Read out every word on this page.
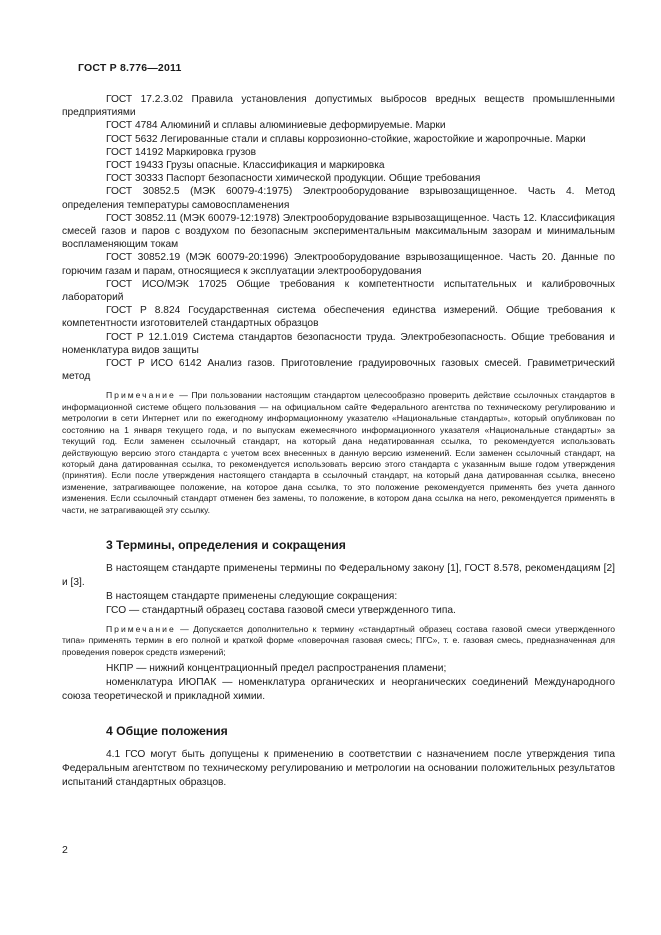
ГОСТ Р 8.776—2011

ГОСТ 17.2.3.02 Правила установления допустимых выбросов вредных веществ промышленными предприятиями

ГОСТ 4784 Алюминий и сплавы алюминиевые деформируемые. Марки

ГОСТ 5632 Легированные стали и сплавы коррозионно-стойкие, жаростойкие и жаропрочные. Марки

ГОСТ 14192 Маркировка грузов

ГОСТ 19433 Грузы опасные. Классификация и маркировка

ГОСТ 30333 Паспорт безопасности химической продукции. Общие требования

ГОСТ 30852.5 (МЭК 60079-4:1975) Электрооборудование взрывозащищенное. Часть 4. Метод определения температуры самовоспламенения

ГОСТ 30852.11 (МЭК 60079-12:1978) Электрооборудование взрывозащищенное. Часть 12. Классификация смесей газов и паров с воздухом по безопасным экспериментальным максимальным зазорам и минимальным воспламеняющим токам

ГОСТ 30852.19 (МЭК 60079-20:1996) Электрооборудование взрывозащищенное. Часть 20. Данные по горючим газам и парам, относящиеся к эксплуатации электрооборудования

ГОСТ ИСО/МЭК 17025 Общие требования к компетентности испытательных и калибровочных лабораторий

ГОСТ Р 8.824 Государственная система обеспечения единства измерений. Общие требования к компетентности изготовителей стандартных образцов

ГОСТ Р 12.1.019 Система стандартов безопасности труда. Электробезопасность. Общие требования и номенклатура видов защиты

ГОСТ Р ИСО 6142 Анализ газов. Приготовление градуировочных газовых смесей. Гравиметрический метод

Примечание — При пользовании настоящим стандартом целесообразно проверить действие ссылочных стандартов в информационной системе общего пользования — на официальном сайте Федерального агентства по техническому регулированию и метрологии в сети Интернет или по ежегодному информационному указателю «Национальные стандарты», который опубликован по состоянию на 1 января текущего года, и по выпускам ежемесячного информационного указателя «Национальные стандарты» за текущий год. Если заменен ссылочный стандарт, на который дана недатированная ссылка, то рекомендуется использовать действующую версию этого стандарта с учетом всех внесенных в данную версию изменений. Если заменен ссылочный стандарт, на который дана датированная ссылка, то рекомендуется использовать версию этого стандарта с указанным выше годом утверждения (принятия). Если после утверждения настоящего стандарта в ссылочный стандарт, на который дана датированная ссылка, внесено изменение, затрагивающее положение, на которое дана ссылка, то это положение рекомендуется применять без учета данного изменения. Если ссылочный стандарт отменен без замены, то положение, в котором дана ссылка на него, рекомендуется применять в части, не затрагивающей эту ссылку.

3 Термины, определения и сокращения

В настоящем стандарте применены термины по Федеральному закону [1], ГОСТ 8.578, рекомендациям [2] и [3].

В настоящем стандарте применены следующие сокращения:

ГСО — стандартный образец состава газовой смеси утвержденного типа.

Примечание — Допускается дополнительно к термину «стандартный образец состава газовой смеси утвержденного типа» применять термин в его полной и краткой форме «поверочная газовая смесь; ПГС», т. е. газовая смесь, предназначенная для проведения поверок средств измерений;

НКПР — нижний концентрационный предел распространения пламени;

номенклатура ИЮПАК — номенклатура органических и неорганических соединений Международного союза теоретической и прикладной химии.

4 Общие положения

4.1 ГСО могут быть допущены к применению в соответствии с назначением после утверждения типа Федеральным агентством по техническому регулированию и метрологии на основании положительных результатов испытаний стандартных образцов.

2
